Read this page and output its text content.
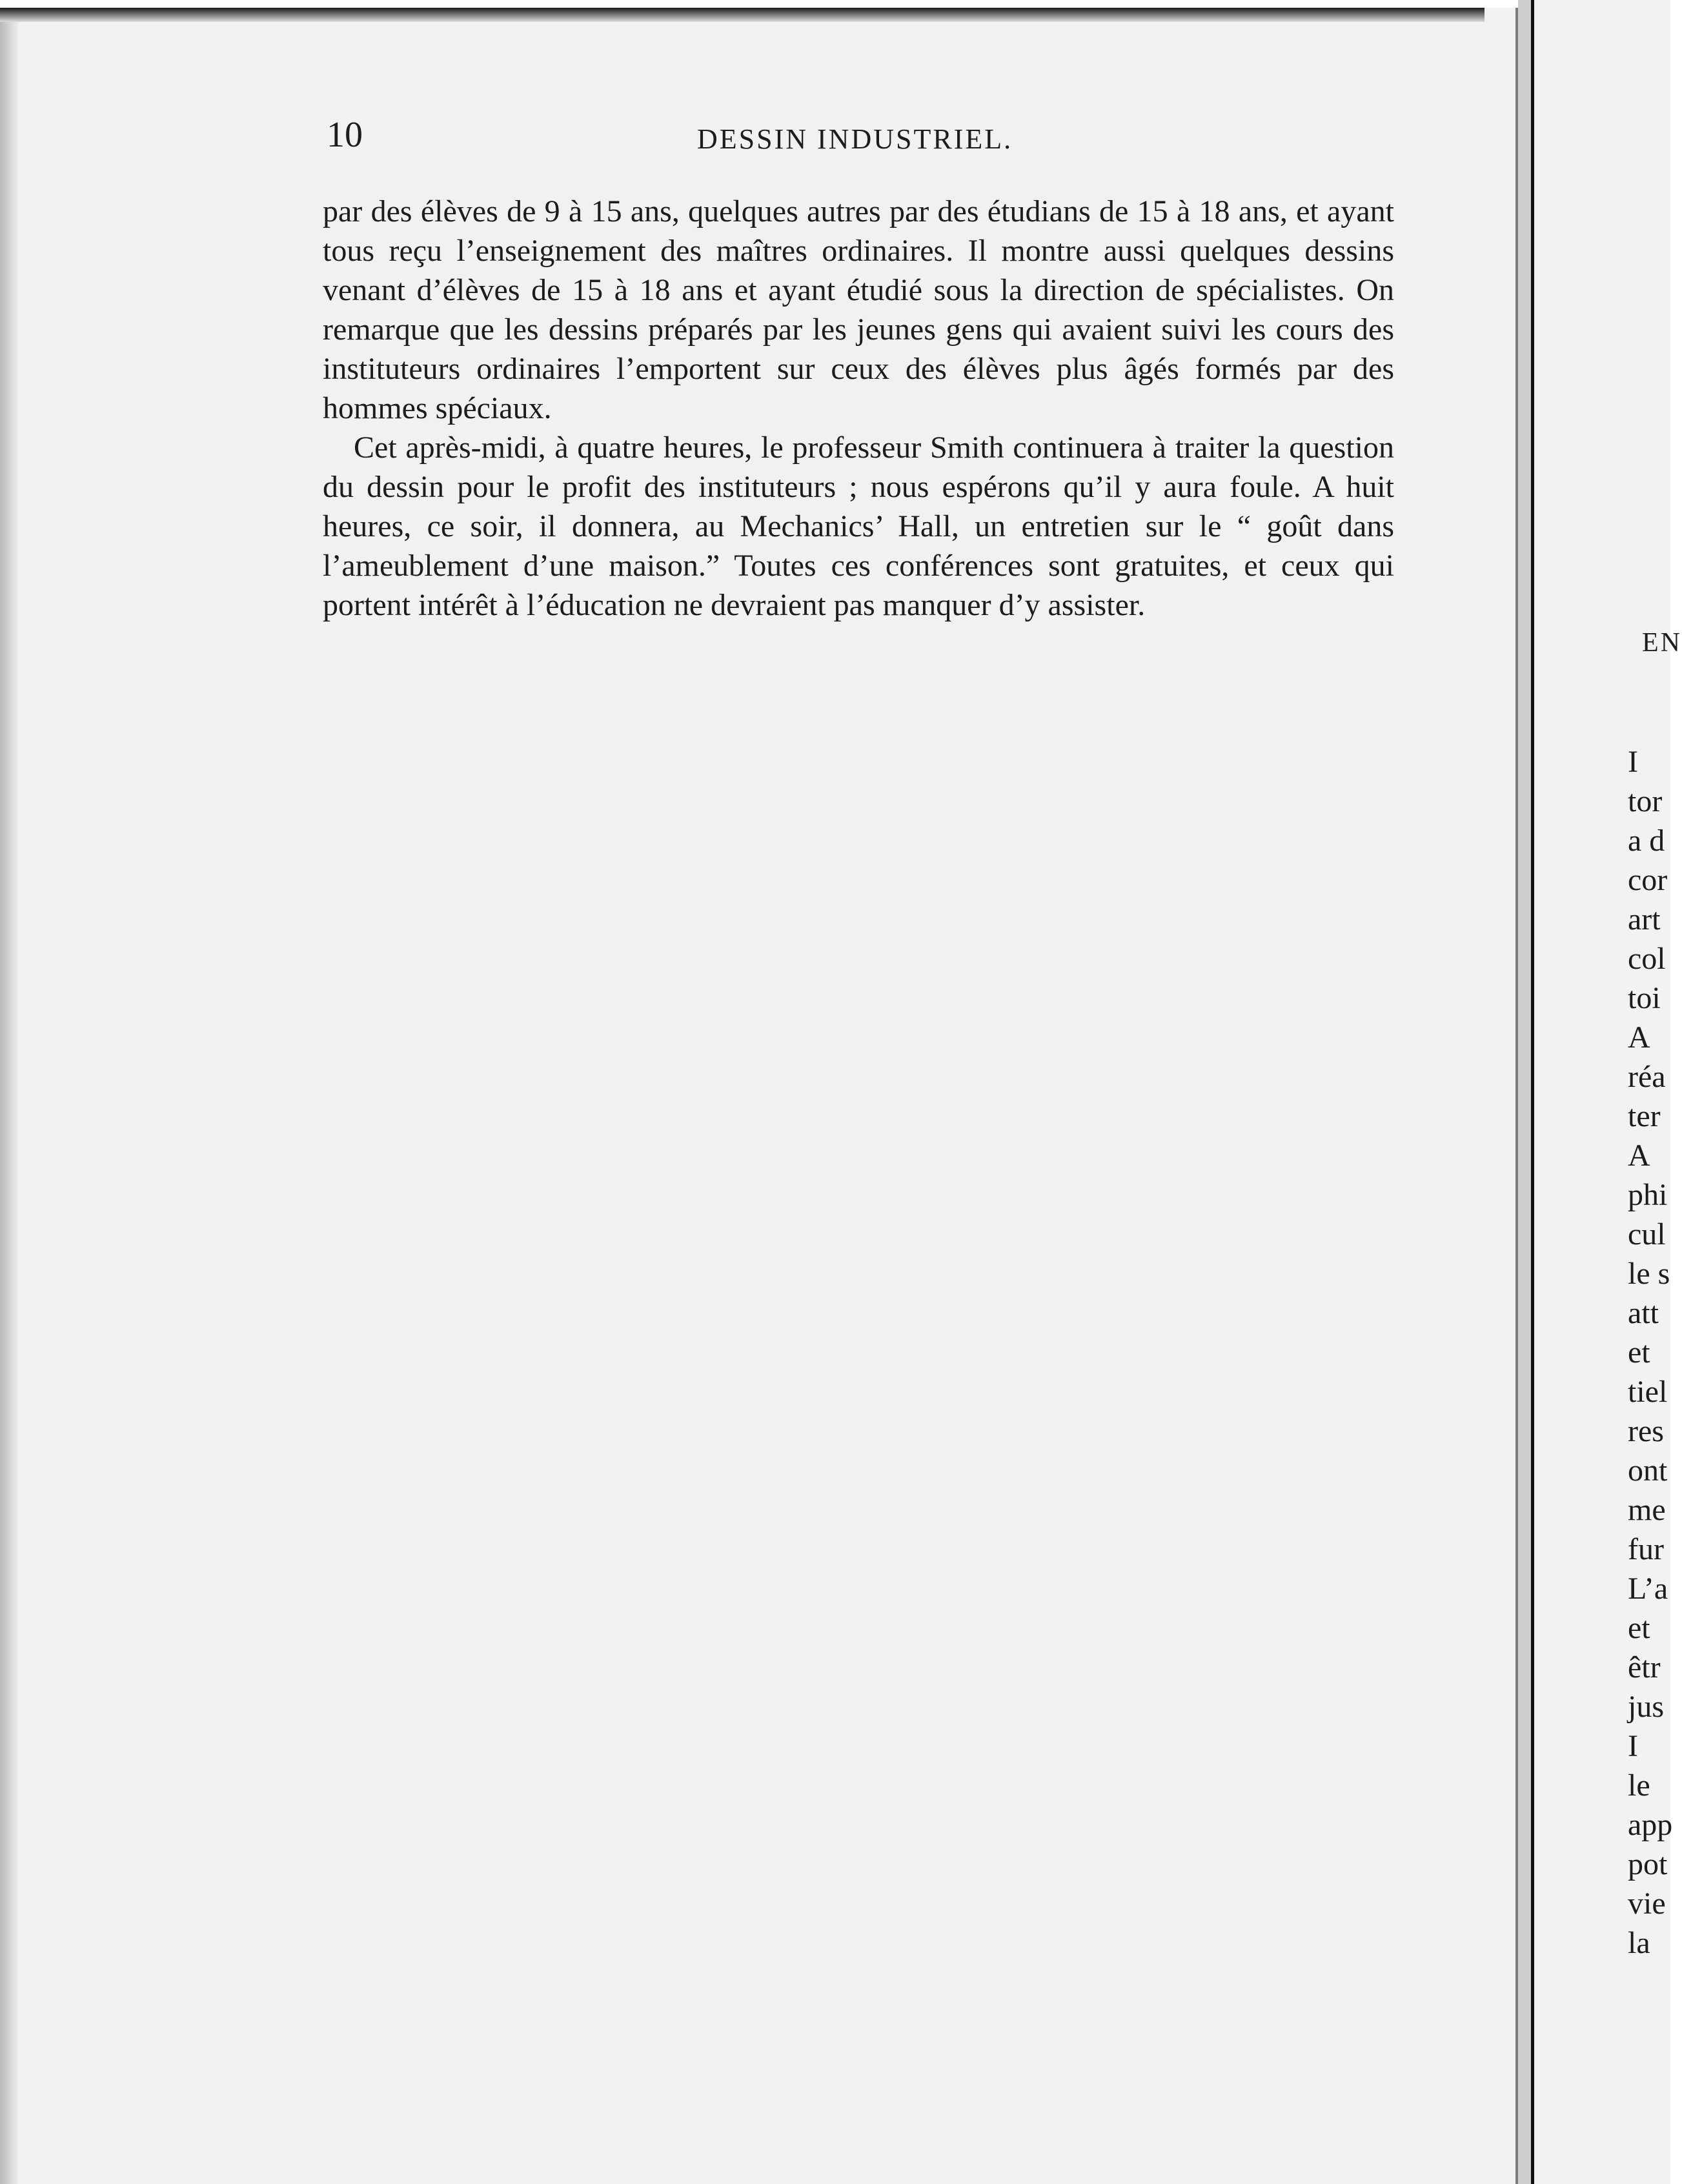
10	DESSIN INDUSTRIEL.

par des élèves de 9 à 15 ans, quelques autres par des étudians de 15 à 18 ans, et ayant tous reçu l’enseignement des maîtres ordinaires. Il montre aussi quelques dessins venant d’élèves de 15 à 18 ans et ayant étudié sous la direction de spécialistes. On remarque que les dessins préparés par les jeunes gens qui avaient suivi les cours des instituteurs ordinaires l’emportent sur ceux des élèves plus âgés formés par des hommes spéciaux.

Cet après-midi, à quatre heures, le professeur Smith continuera à traiter la question du dessin pour le profit des instituteurs ; nous espérons qu’il y aura foule. A huit heures, ce soir, il donnera, au Mechanics’ Hall, un entretien sur le “ goût dans l’ameublement d’une maison.” Toutes ces conférences sont gratuites, et ceux qui portent intérêt à l’éducation ne devraient pas manquer d’y assister.

EN
I
tor
a d
cor
art
col
toi
A
réa
ter
A
phi
cul
le s
att
et
tiel
res
ont
me
fur
L’a
et
êtr
jus
I
le
app
pot
vie
la
